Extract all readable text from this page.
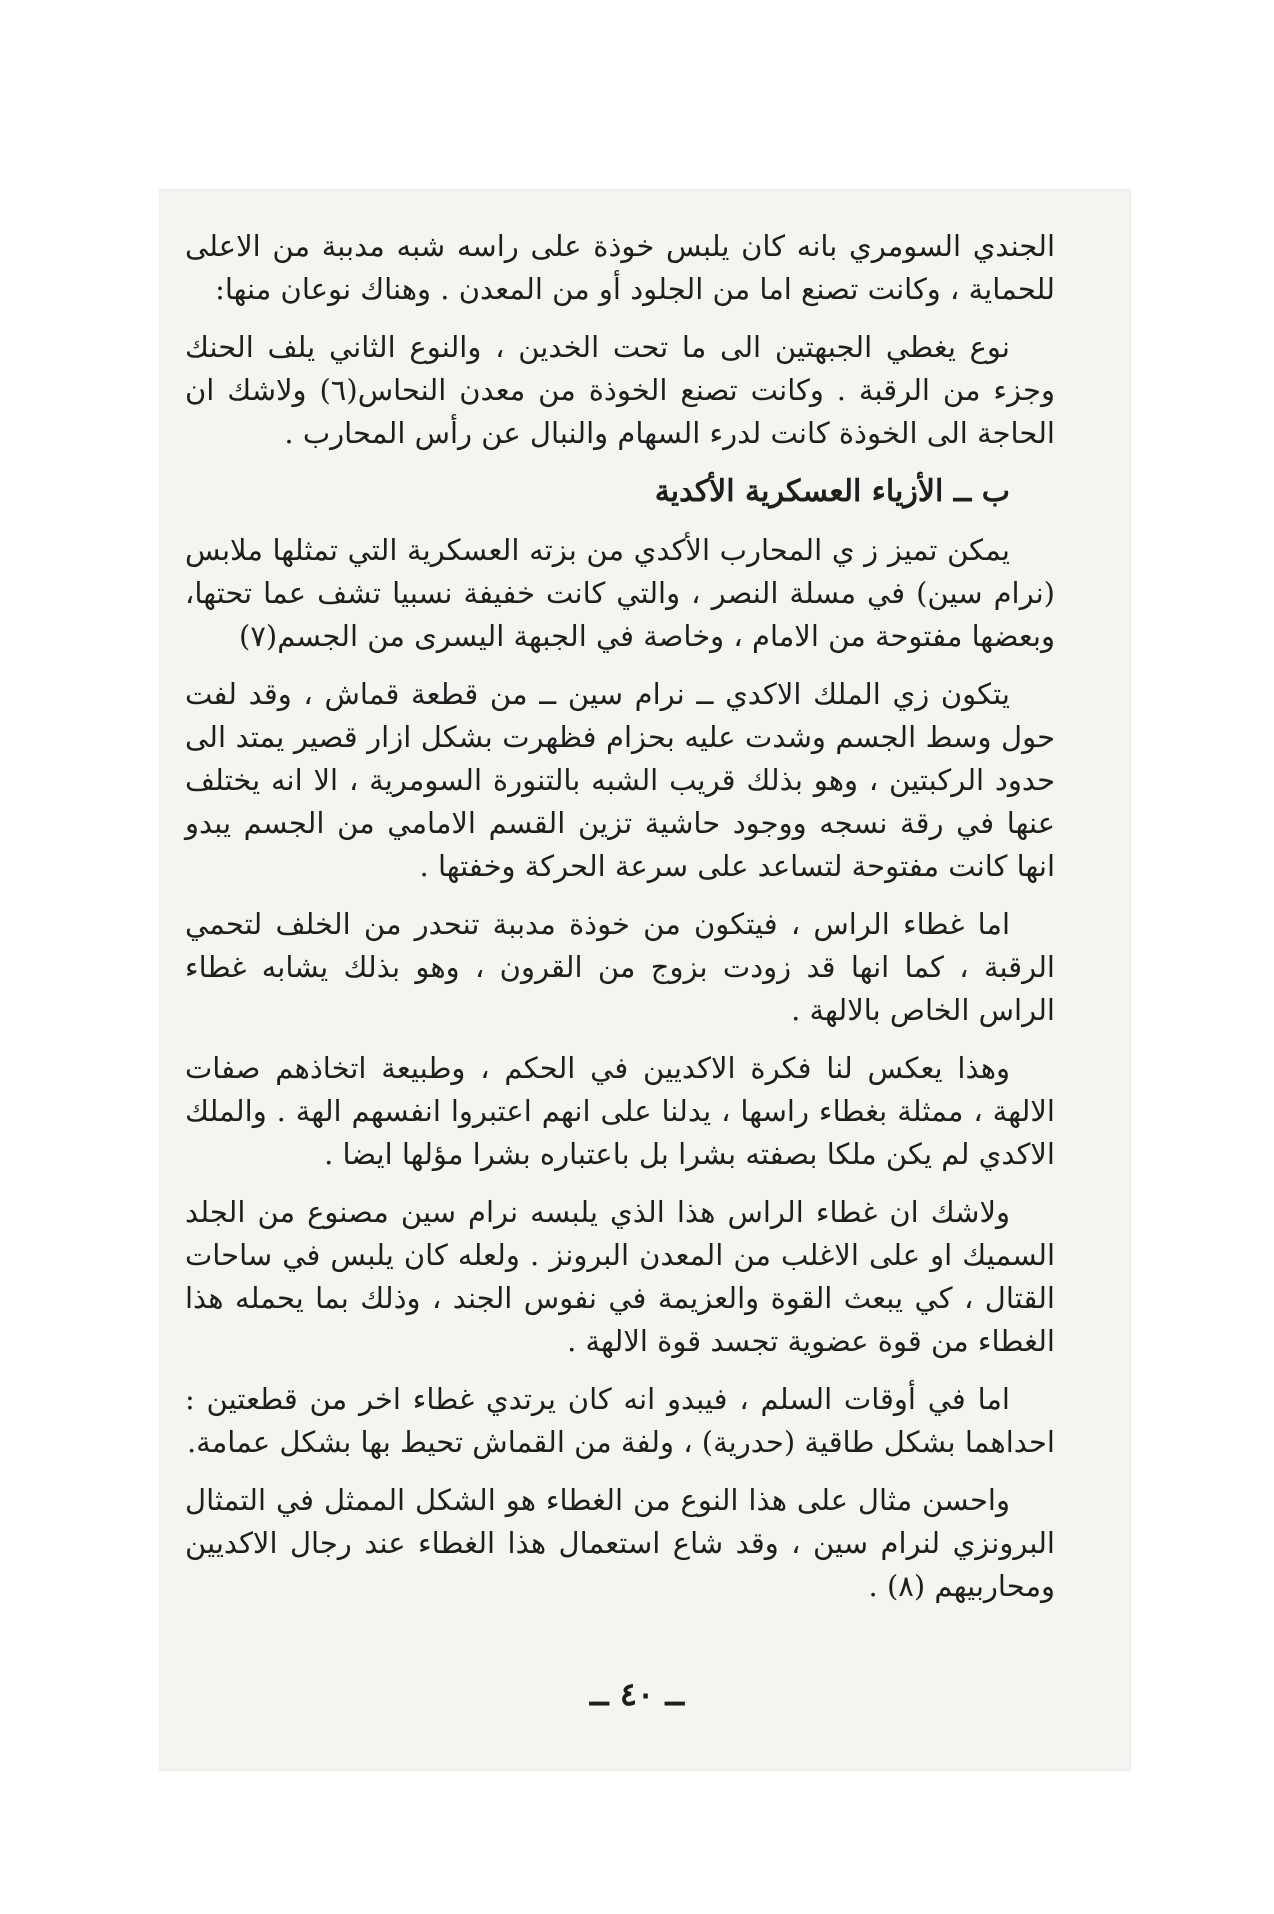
الجندي السومري بانه كان يلبس خوذة على راسه شبه مدببة من الاعلى للحماية ، وكانت تصنع اما من الجلود أو من المعدن . وهناك نوعان منها:

نوع يغطي الجبهتين الى ما تحت الخدين ، والنوع الثاني يلف الحنك وجزء من الرقبة . وكانت تصنع الخوذة من معدن النحاس(٦) ولاشك ان الحاجة الى الخوذة كانت لدرء السهام والنبال عن رأس المحارب .

ب ــ الأزياء العسكرية الأكدية

يمكن تميز ز ي المحارب الأكدي من بزته العسكرية التي تمثلها ملابس (نرام سين) في مسلة النصر ، والتي كانت خفيفة نسبيا تشف عما تحتها، وبعضها مفتوحة من الامام ، وخاصة في الجبهة اليسرى من الجسم(٧)

يتكون زي الملك الاكدي ــ نرام سين ــ من قطعة قماش ، وقد لفت حول وسط الجسم وشدت عليه بحزام فظهرت بشكل ازار قصير يمتد الى حدود الركبتين ، وهو بذلك قريب الشبه بالتنورة السومرية ، الا انه يختلف عنها في رقة نسجه ووجود حاشية تزين القسم الامامي من الجسم يبدو انها كانت مفتوحة لتساعد على سرعة الحركة وخفتها .

اما غطاء الراس ، فيتكون من خوذة مدببة تنحدر من الخلف لتحمي الرقبة ، كما انها قد زودت بزوج من القرون ، وهو بذلك يشابه غطاء الراس الخاص بالالهة .

وهذا يعكس لنا فكرة الاكديين في الحكم ، وطبيعة اتخاذهم صفات الالهة ، ممثلة بغطاء راسها ، يدلنا على انهم اعتبروا انفسهم الهة . والملك الاكدي لم يكن ملكا بصفته بشرا بل باعتباره بشرا مؤلها ايضا .

ولاشك ان غطاء الراس هذا الذي يلبسه نرام سين مصنوع من الجلد السميك او على الاغلب من المعدن البرونز . ولعله كان يلبس في ساحات القتال ، كي يبعث القوة والعزيمة في نفوس الجند ، وذلك بما يحمله هذا الغطاء من قوة عضوية تجسد قوة الالهة .

اما في أوقات السلم ، فيبدو انه كان يرتدي غطاء اخر من قطعتين : احداهما بشكل طاقية (حدرية) ، ولفة من القماش تحيط بها بشكل عمامة.

واحسن مثال على هذا النوع من الغطاء هو الشكل الممثل في التمثال البرونزي لنرام سين ، وقد شاع استعمال هذا الغطاء عند رجال الاكديين ومحاربيهم (٨) .

ــ ٤٠ ــ
